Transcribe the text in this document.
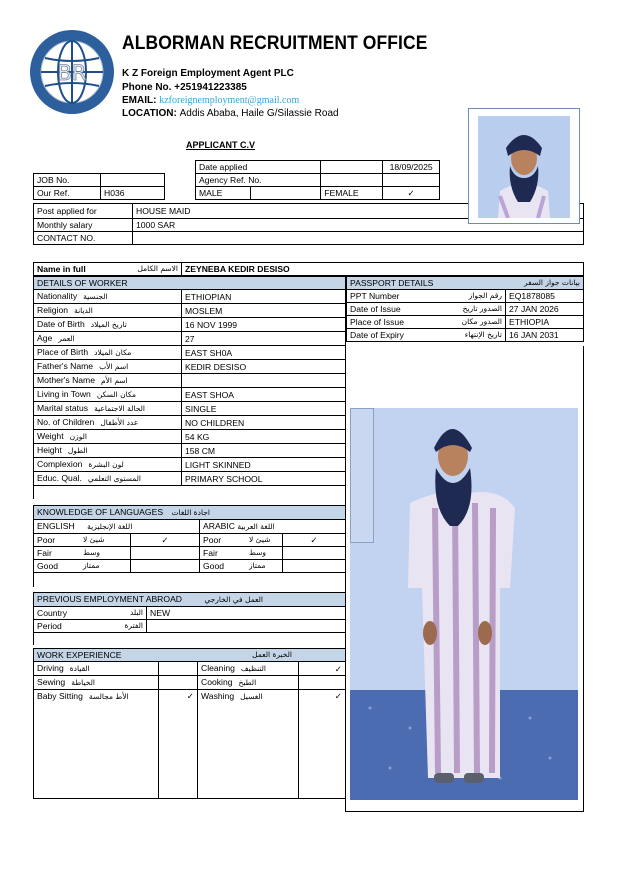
BR
ALBORMAN RECRUITMENT OFFICE
K Z Foreign Employment Agent PLC
Phone No. +251941223385
EMAIL: kzforeignemployment@gmail.com
LOCATION: Addis Ababa, Haile G/Silassie Road
APPLICANT C.V
JOB No.	
Our Ref.	H036
Date applied			18/09/2025
Agency Ref. No.			
MALE		FEMALE	✓
Post applied for	HOUSE MAID
Monthly salary	1000 SAR
CONTACT NO.	
Name in full	الاسم الكامل	ZEYNEBA KEDIR DESISO
DETAILS OF WORKER	
Nationality الجنسية	ETHIOPIAN
Religion الديانة	MOSLEM
Date of Birth تاريخ الميلاد	16 NOV 1999
Age العمر	27
Place of Birth مكان الميلاد	EAST SH0A
Father's Name اسم الأب	KEDIR DESISO
Mother's Name اسم الأم	
Living in Town مكان السكن	EAST SHOA
Marital status الحالة الاجتماعية	SINGLE
No. of Children عدد الأطفال	NO CHILDREN
Weight الوزن	54 KG
Height الطول	158 CM
Complexion لون البشرة	LIGHT SKINNED
Educ. Qual. المستوى التعلمي	PRIMARY SCHOOL

PASSPORT DETAILS بيانات جواز السفر	

PPT Number رقم الجواز	EQ1878085
Date of Issue الصدور تاريخ	27 JAN 2026
Place of Issue الصدور مكان	ETHIOPIA
Date of Expiry تاريخ الإنتهاء	16 JAN 2031
KNOWLEDGE OF LANGUAGES اجادة اللغات					
ENGLISH اللغة الإنجليزية			ARABIC اللغة العربية		
Poor	شيئ لا	✓	Poor	شيئ لا	✓
Fair	وسط		Fair	وسط	
Good	ممتاز		Good	ممتاز	

PREVIOUS EMPLOYMENT ABROAD العمل في الخارجي	
Country البلد	NEW
Period الفترة	

WORK EXPERIENCE الخبرة العمل			

Driving القيادة		Cleaning التنظيف	✓
Sewing الخياطة		Cooking الطبخ	
Baby Sitting الأط مجالسة	✓	Washing الغسيل	✓
